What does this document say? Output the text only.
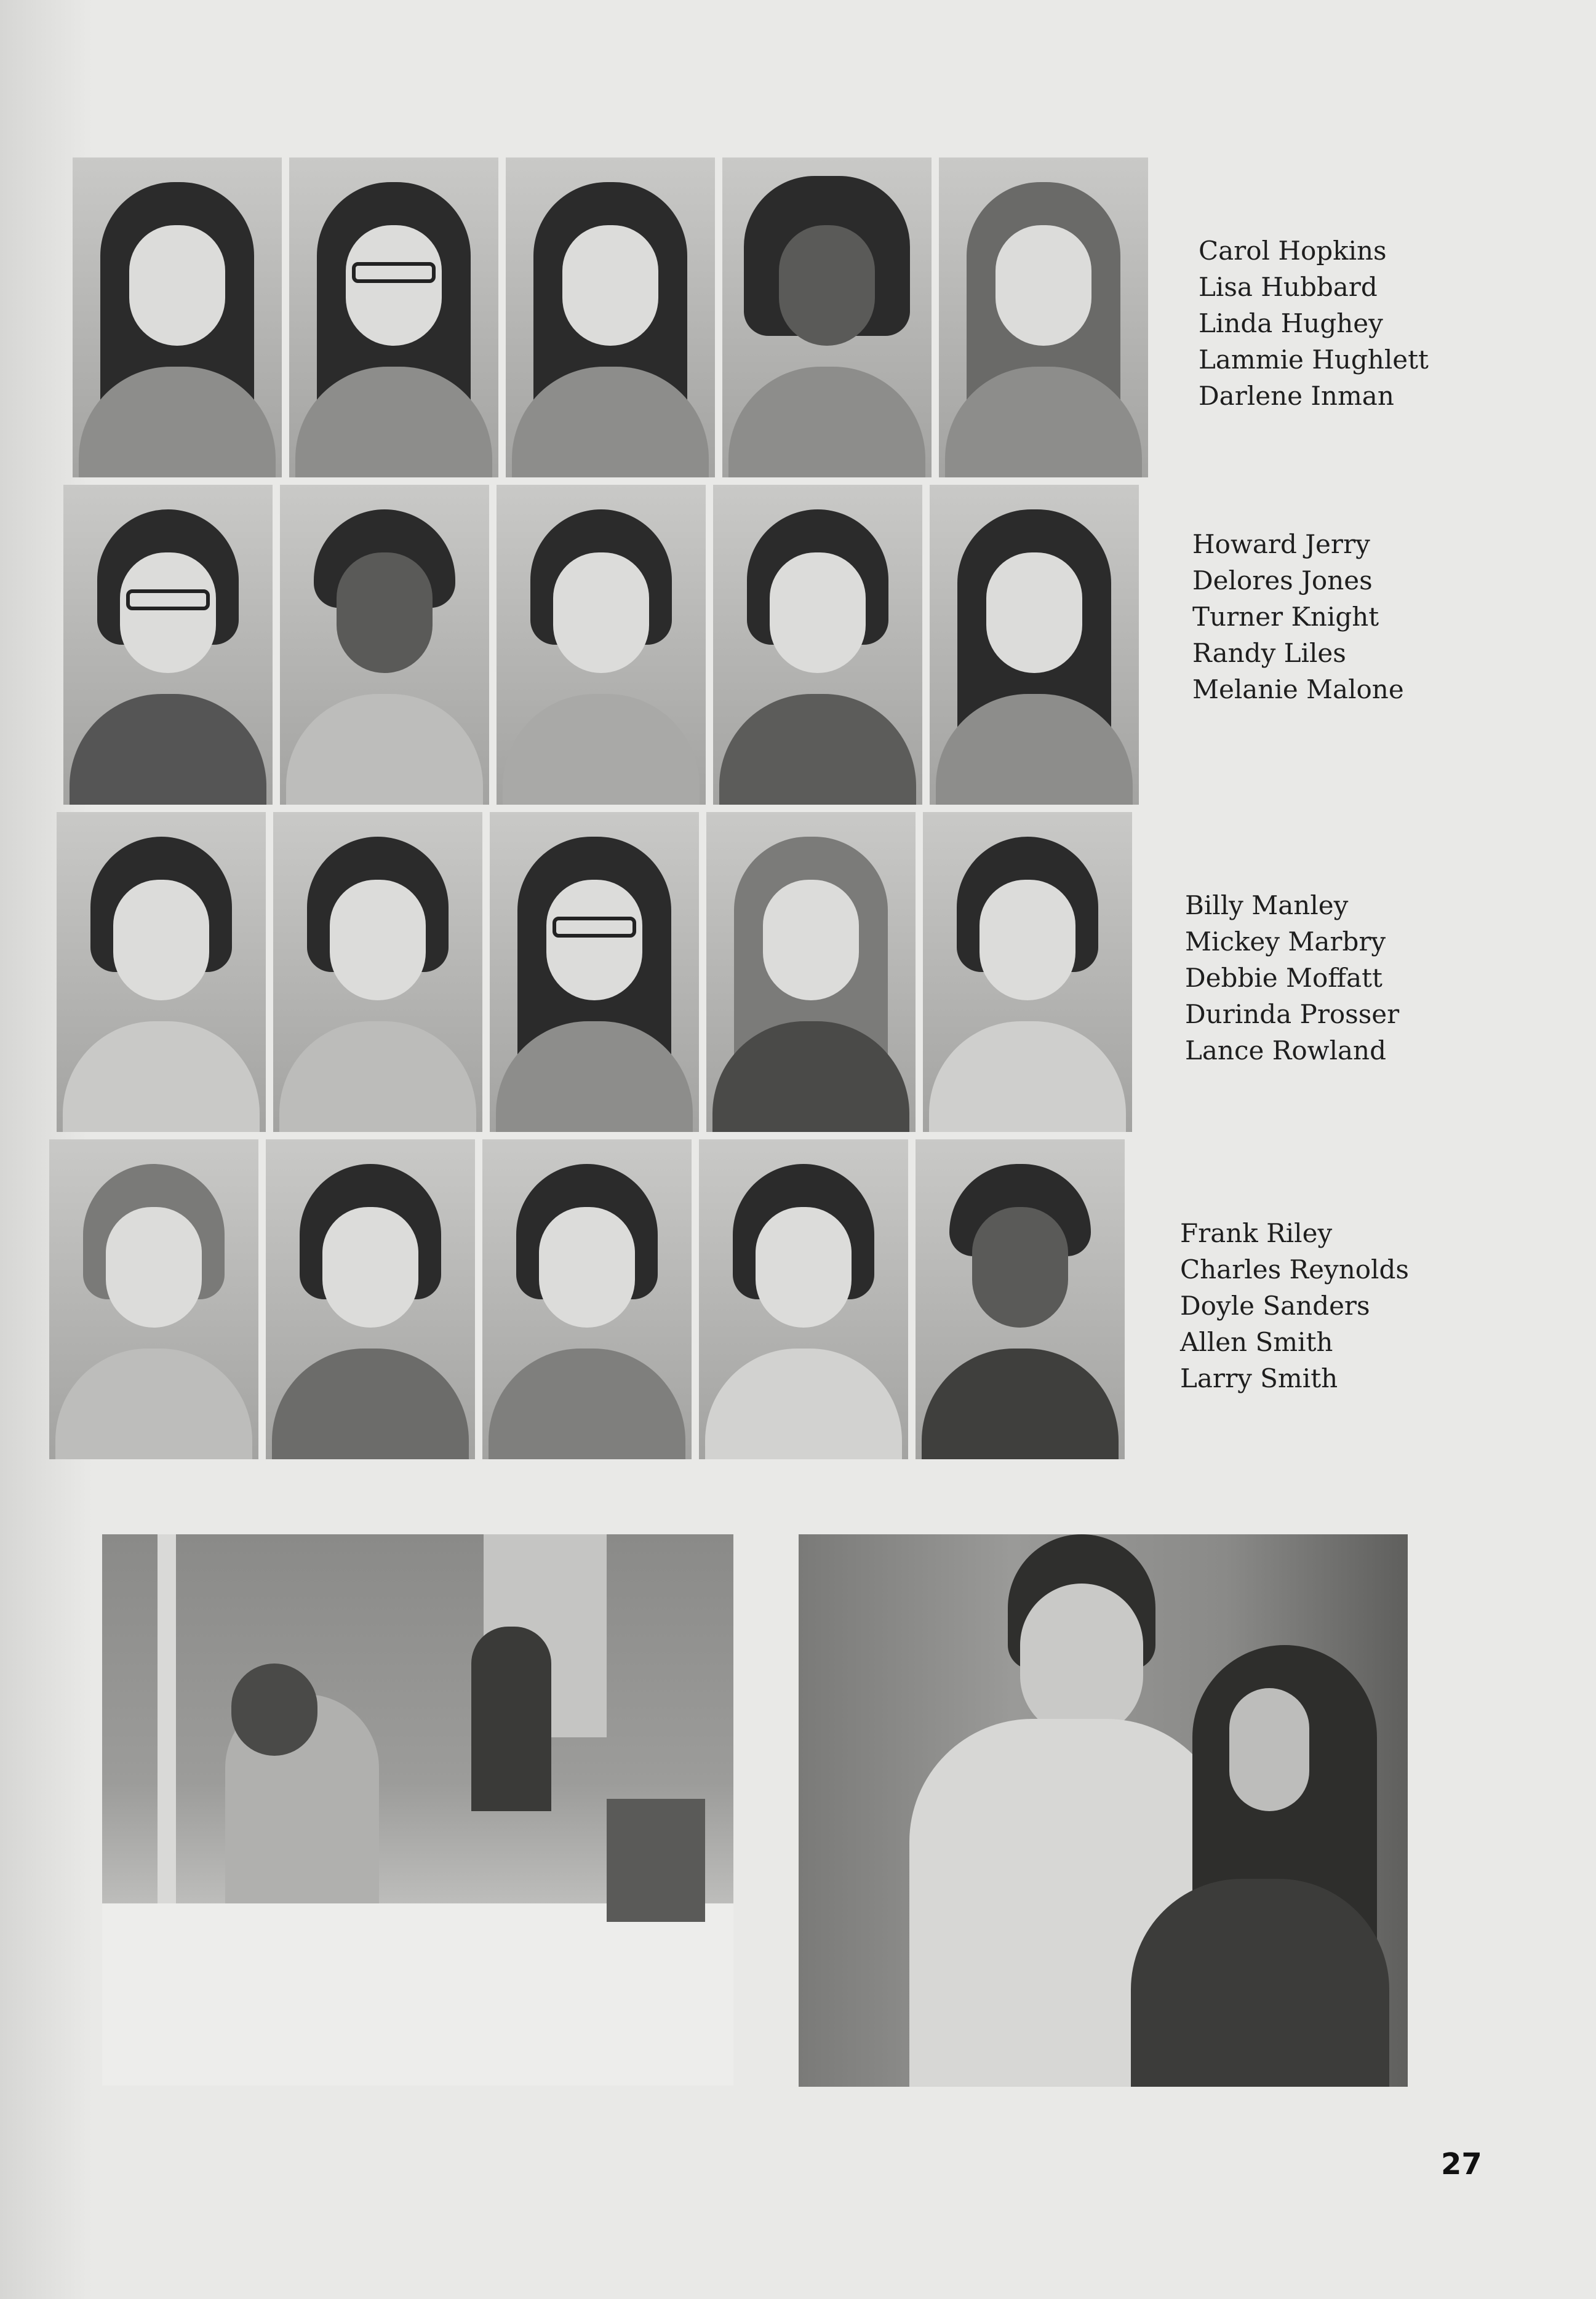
Carol Hopkins
Lisa Hubbard
Linda Hughey
Lammie Hughlett
Darlene Inman
Howard Jerry
Delores Jones
Turner Knight
Randy Liles
Melanie Malone
Billy Manley
Mickey Marbry
Debbie Moffatt
Durinda Prosser
Lance Rowland
Frank Riley
Charles Reynolds
Doyle Sanders
Allen Smith
Larry Smith
27
